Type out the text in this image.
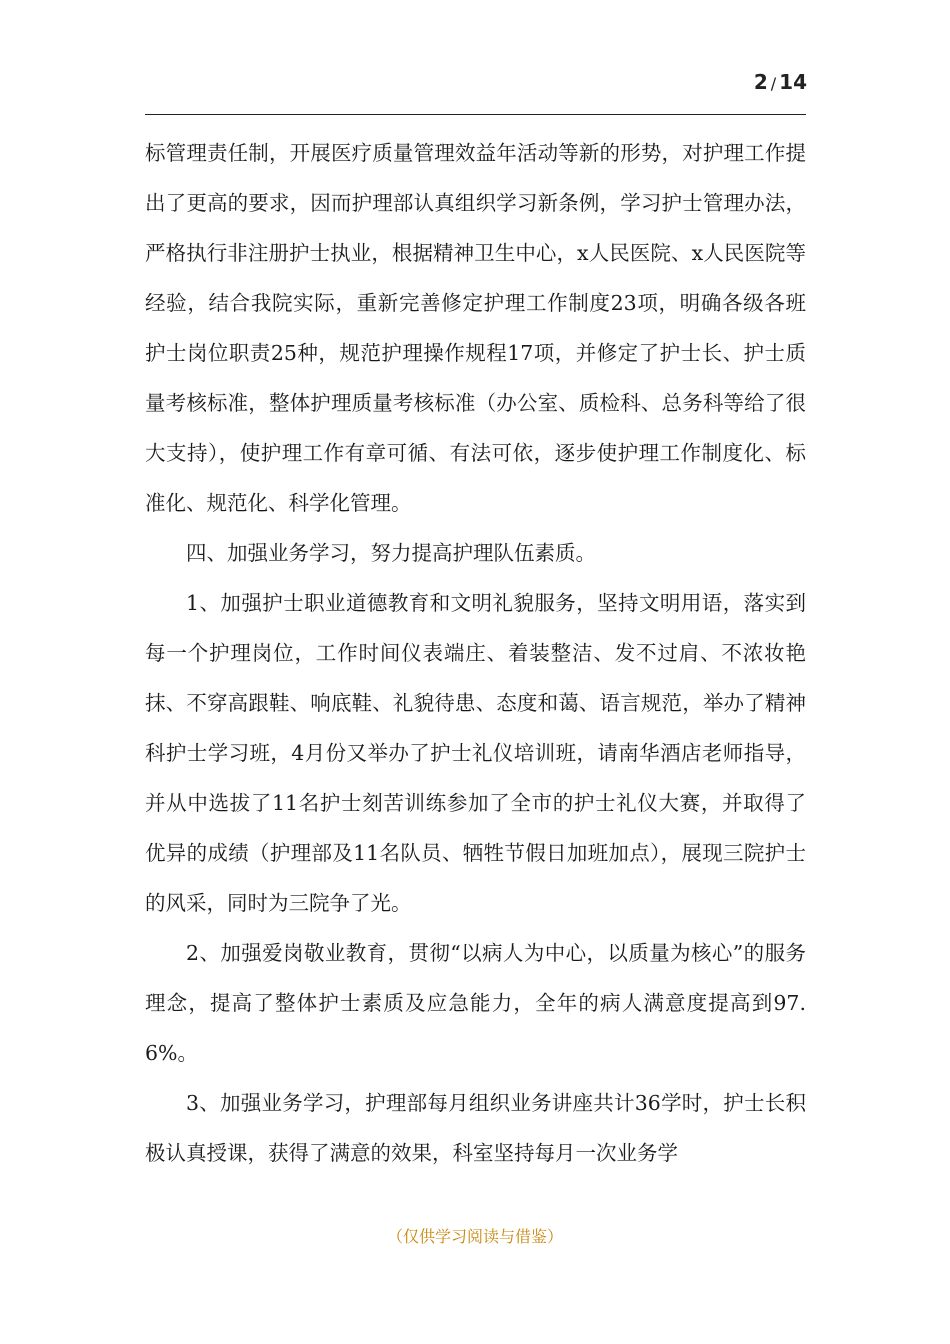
2 / 14

标管理责任制，开展医疗质量管理效益年活动等新的形势，对护理工作提出了更高的要求，因而护理部认真组织学习新条例，学习护士管理办法，严格执行非注册护士执业，根据精神卫生中心，x人民医院、x人民医院等经验，结合我院实际，重新完善修定护理工作制度23项，明确各级各班护士岗位职责25种，规范护理操作规程17项，并修定了护士长、护士质量考核标准，整体护理质量考核标准（办公室、质检科、总务科等给了很大支持），使护理工作有章可循、有法可依，逐步使护理工作制度化、标准化、规范化、科学化管理。

四、加强业务学习，努力提高护理队伍素质。

1、加强护士职业道德教育和文明礼貌服务，坚持文明用语，落实到每一个护理岗位，工作时间仪表端庄、着装整洁、发不过肩、不浓妆艳抹、不穿高跟鞋、响底鞋、礼貌待患、态度和蔼、语言规范，举办了精神科护士学习班，4月份又举办了护士礼仪培训班，请南华酒店老师指导，并从中选拔了11名护士刻苦训练参加了全市的护士礼仪大赛，并取得了优异的成绩（护理部及11名队员、牺牲节假日加班加点），展现三院护士的风采，同时为三院争了光。

2、加强爱岗敬业教育，贯彻“以病人为中心，以质量为核心”的服务理念，提高了整体护士素质及应急能力，全年的病人满意度提高到97.6%。

3、加强业务学习，护理部每月组织业务讲座共计36学时，护士长积极认真授课，获得了满意的效果，科室坚持每月一次业务学

（仅供学习阅读与借鉴）
